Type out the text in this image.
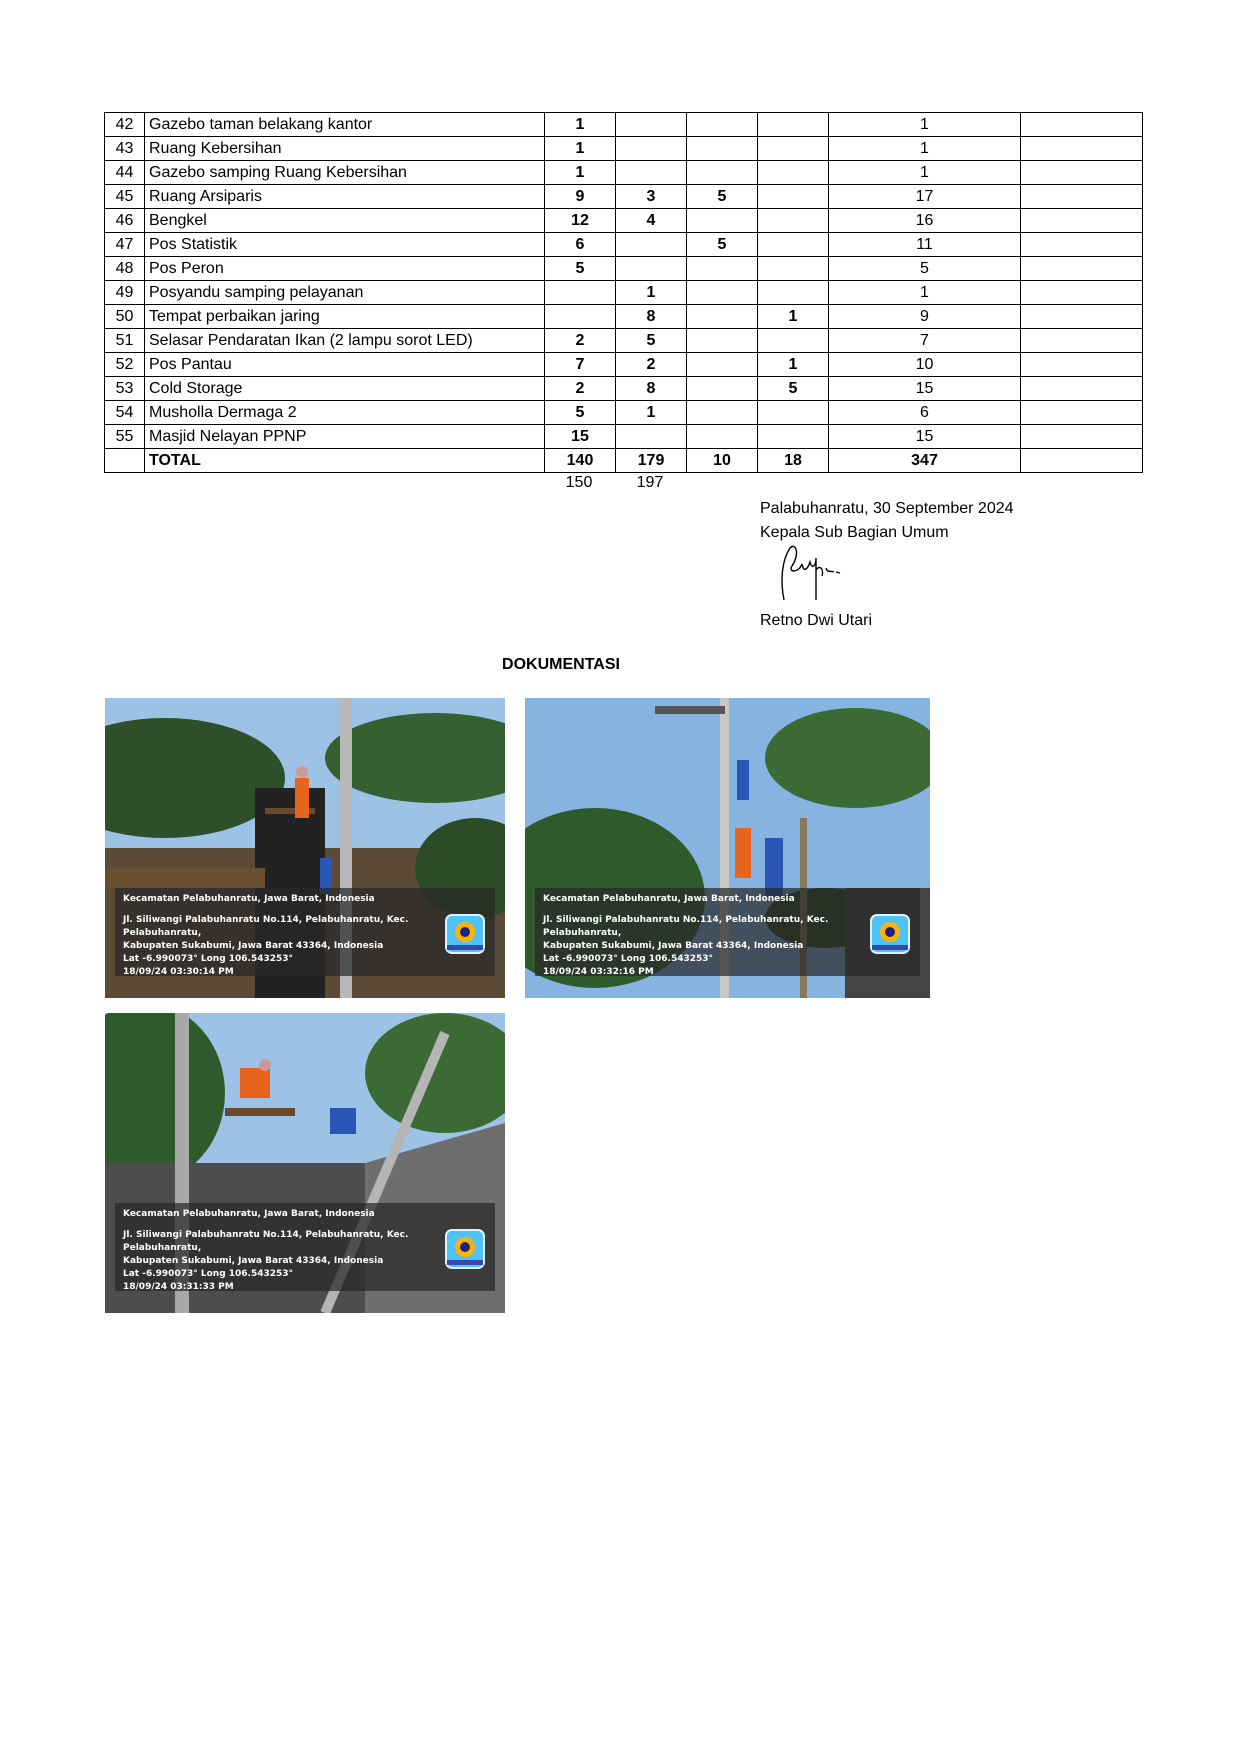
42	Gazebo taman belakang kantor	1				1	
43	Ruang Kebersihan	1				1	
44	Gazebo samping Ruang Kebersihan	1				1	
45	Ruang Arsiparis	9	3	5		17	
46	Bengkel	12	4			16	
47	Pos Statistik	6		5		11	
48	Pos Peron	5				5	
49	Posyandu samping pelayanan		1			1	
50	Tempat perbaikan jaring		8		1	9	
51	Selasar Pendaratan Ikan (2 lampu sorot LED)	2	5			7	
52	Pos Pantau	7	2		1	10	
53	Cold Storage	2	8		5	15	
54	Musholla Dermaga 2	5	1			6	
55	Masjid Nelayan PPNP	15				15	
	TOTAL	140	179	10	18	347	
150	197
Palabuhanratu, 30 September 2024
Kepala Sub Bagian Umum
Retno Dwi Utari
DOKUMENTASI
Kecamatan Pelabuhanratu, Jawa Barat, Indonesia
Jl. Siliwangi Palabuhanratu No.114, Pelabuhanratu, Kec. Pelabuhanratu,
Kabupaten Sukabumi, Jawa Barat 43364, Indonesia
Lat -6.990073° Long 106.543253°
18/09/24 03:30:14 PM
Kecamatan Pelabuhanratu, Jawa Barat, Indonesia
Jl. Siliwangi Palabuhanratu No.114, Pelabuhanratu, Kec. Pelabuhanratu,
Kabupaten Sukabumi, Jawa Barat 43364, Indonesia
Lat -6.990073° Long 106.543253°
18/09/24 03:32:16 PM
Kecamatan Pelabuhanratu, Jawa Barat, Indonesia
Jl. Siliwangi Palabuhanratu No.114, Pelabuhanratu, Kec. Pelabuhanratu,
Kabupaten Sukabumi, Jawa Barat 43364, Indonesia
Lat -6.990073° Long 106.543253°
18/09/24 03:31:33 PM
